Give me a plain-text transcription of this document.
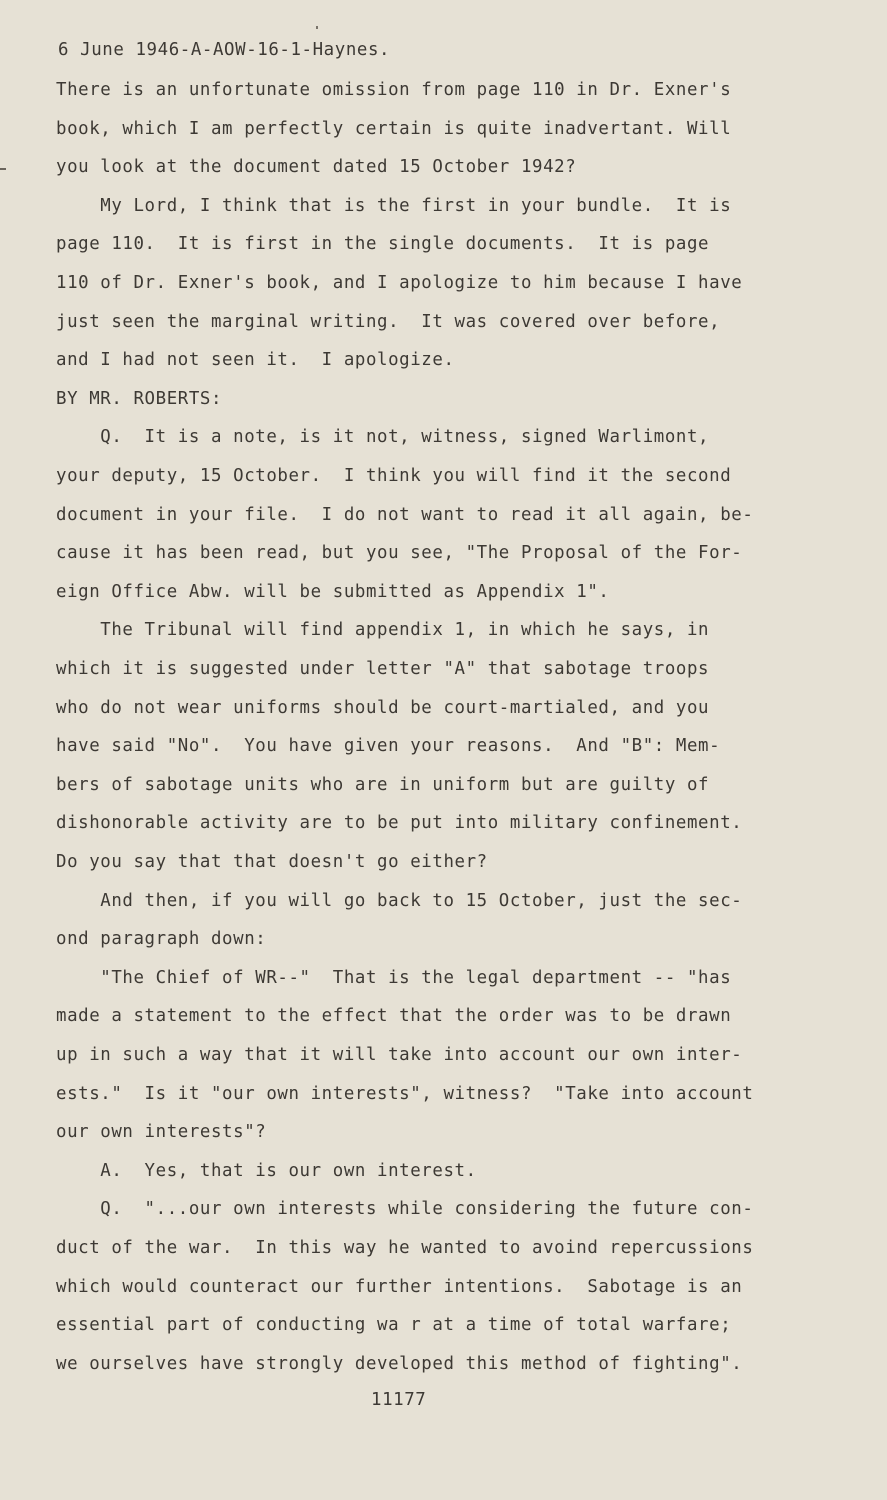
6 June 1946-A-AOW-16-1-Haynes.

There is an unfortunate omission from page 110 in Dr. Exner's

book, which I am perfectly certain is quite inadvertant. Will

you look at the document dated 15 October 1942?

My Lord, I think that is the first in your bundle.  It is

page 110.  It is first in the single documents.  It is page

110 of Dr. Exner's book, and I apologize to him because I have

just seen the marginal writing.  It was covered over before,

and I had not seen it.  I apologize.

BY MR. ROBERTS:

Q.  It is a note, is it not, witness, signed Warlimont,

your deputy, 15 October.  I think you will find it the second

document in your file.  I do not want to read it all again, be-

cause it has been read, but you see, "The Proposal of the For-

eign Office Abw. will be submitted as Appendix 1".

The Tribunal will find appendix 1, in which he says, in

which it is suggested under letter "A" that sabotage troops

who do not wear uniforms should be court-martialed, and you

have said "No".  You have given your reasons.  And "B": Mem-

bers of sabotage units who are in uniform but are guilty of

dishonorable activity are to be put into military confinement.

Do you say that that doesn't go either?

And then, if you will go back to 15 October, just the sec-

ond paragraph down:

"The Chief of WR--"  That is the legal department -- "has

made a statement to the effect that the order was to be drawn

up in such a way that it will take into account our own inter-

ests."  Is it "our own interests", witness?  "Take into account

our own interests"?

A.  Yes, that is our own interest.

Q.  "...our own interests while considering the future con-

duct of the war.  In this way he wanted to avoind repercussions

which would counteract our further intentions.  Sabotage is an

essential part of conducting wa r at a time of total warfare;

we ourselves have strongly developed this method of fighting".

11177
